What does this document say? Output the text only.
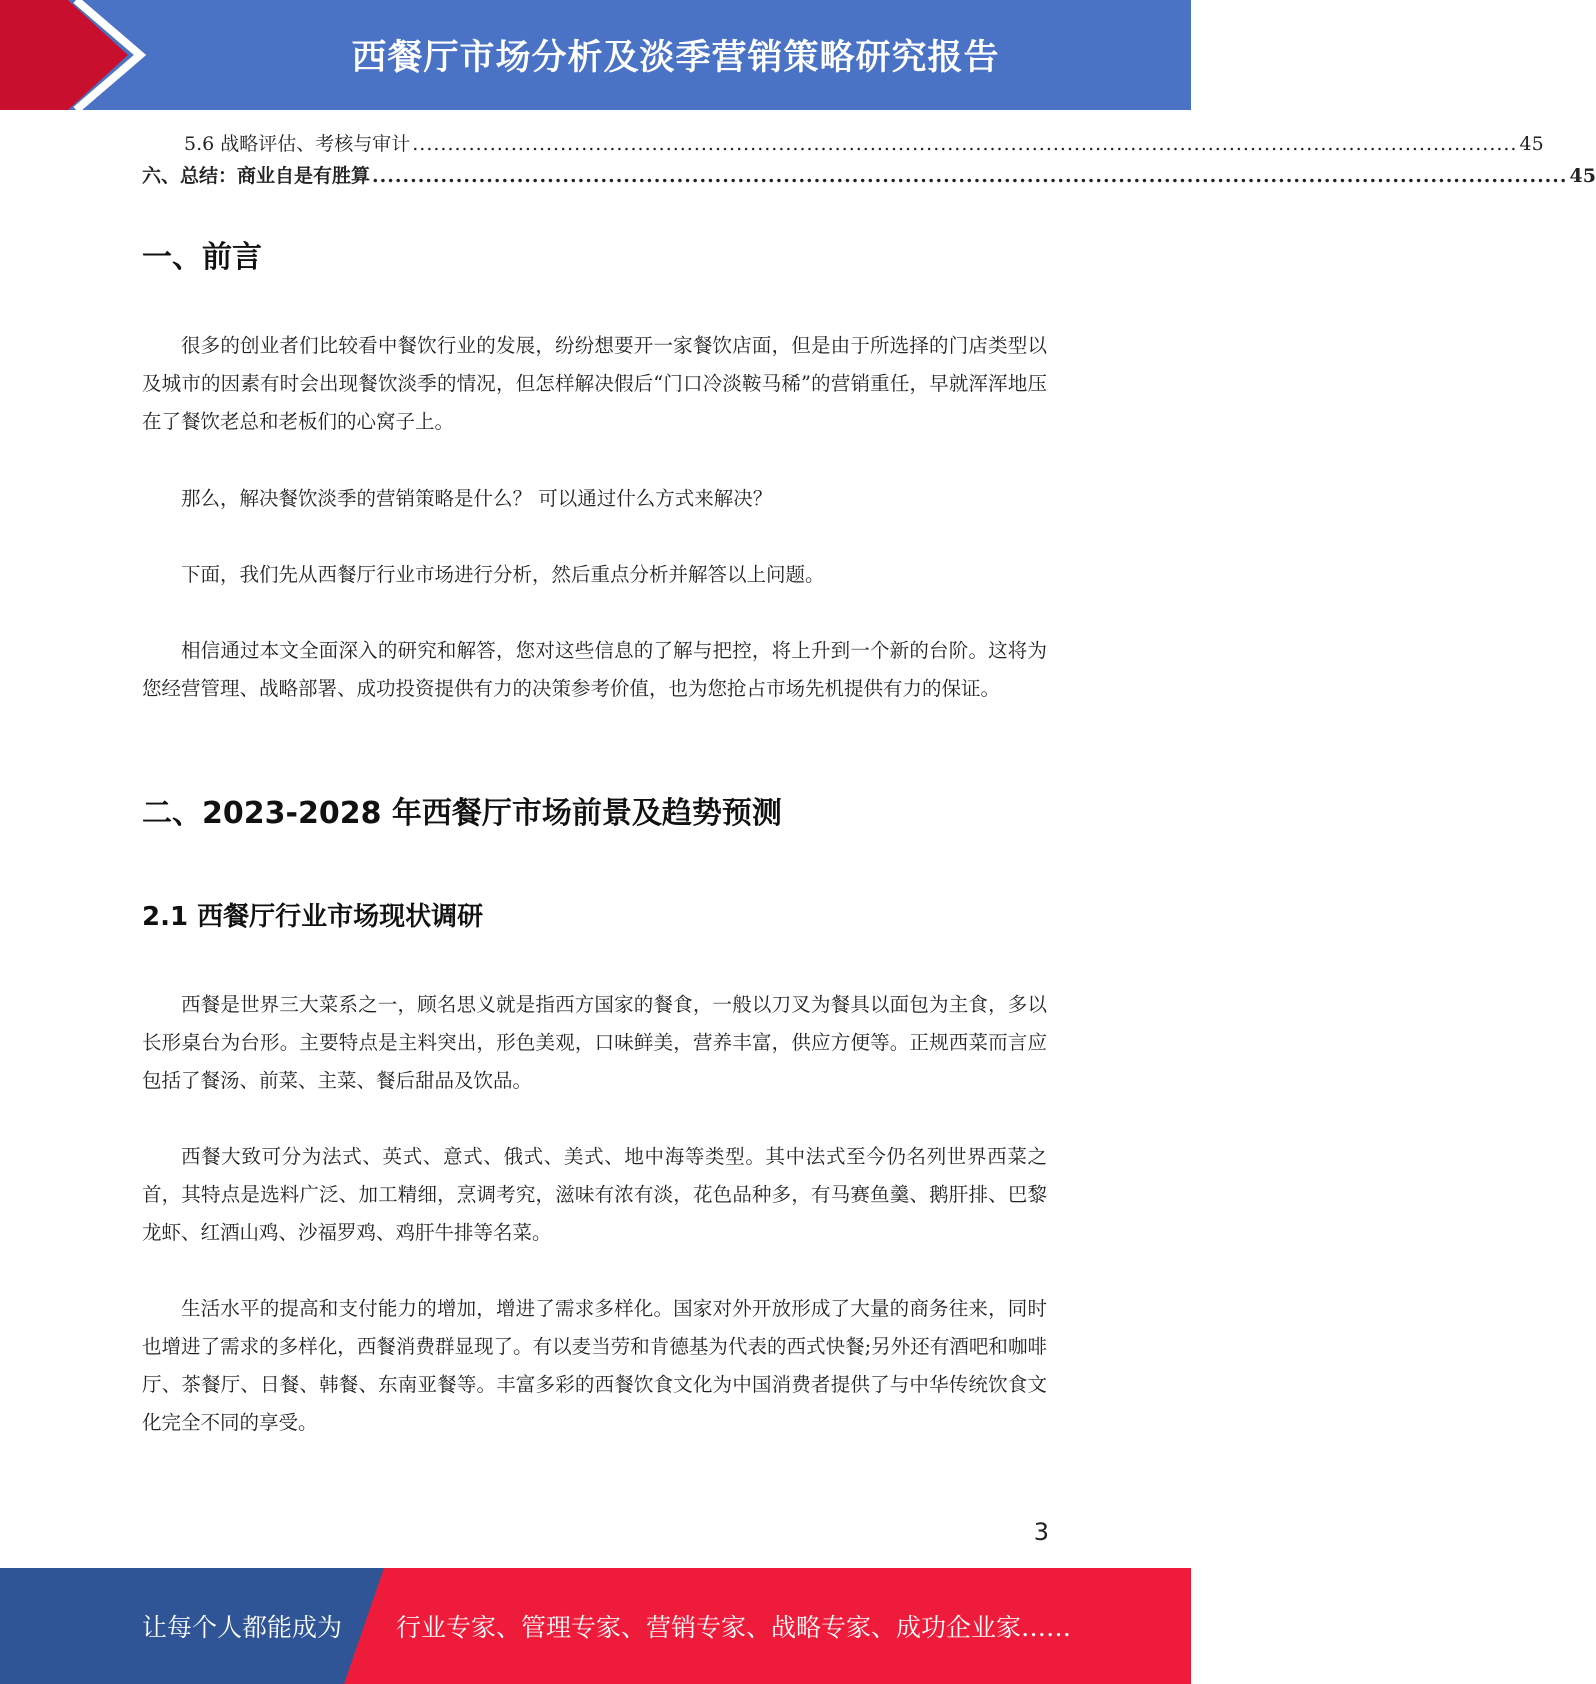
西餐厅市场分析及淡季营销策略研究报告
5.6 战略评估、考核与审计 ............................................................................................................................................................. 45
六、总结：商业自是有胜算 ............................................................................................................................................................. 45
一、前言

很多的创业者们比较看中餐饮行业的发展，纷纷想要开一家餐饮店面，但是由于所选择的门店类型以及城市的因素有时会出现餐饮淡季的情况，但怎样解决假后“门口冷淡鞍马稀”的营销重任，早就浑浑地压在了餐饮老总和老板们的心窝子上。

那么，解决餐饮淡季的营销策略是什么？ 可以通过什么方式来解决？

下面，我们先从西餐厅行业市场进行分析，然后重点分析并解答以上问题。

相信通过本文全面深入的研究和解答，您对这些信息的了解与把控，将上升到一个新的台阶。这将为您经营管理、战略部署、成功投资提供有力的决策参考价值，也为您抢占市场先机提供有力的保证。

二、2023-2028 年西餐厅市场前景及趋势预测
2.1 西餐厅行业市场现状调研

西餐是世界三大菜系之一，顾名思义就是指西方国家的餐食，一般以刀叉为餐具以面包为主食，多以长形桌台为台形。主要特点是主料突出，形色美观，口味鲜美，营养丰富，供应方便等。正规西菜而言应包括了餐汤、前菜、主菜、餐后甜品及饮品。

西餐大致可分为法式、英式、意式、俄式、美式、地中海等类型。其中法式至今仍名列世界西菜之首，其特点是选料广泛、加工精细，烹调考究，滋味有浓有淡，花色品种多，有马赛鱼羹、鹅肝排、巴黎龙虾、红酒山鸡、沙福罗鸡、鸡肝牛排等名菜。

生活水平的提高和支付能力的增加，增进了需求多样化。国家对外开放形成了大量的商务往来，同时也增进了需求的多样化，西餐消费群显现了。有以麦当劳和肯德基为代表的西式快餐;另外还有酒吧和咖啡厅、茶餐厅、日餐、韩餐、东南亚餐等。丰富多彩的西餐饮食文化为中国消费者提供了与中华传统饮食文化完全不同的享受。

3
让每个人都能成为 行业专家、管理专家、营销专家、战略专家、成功企业家……
